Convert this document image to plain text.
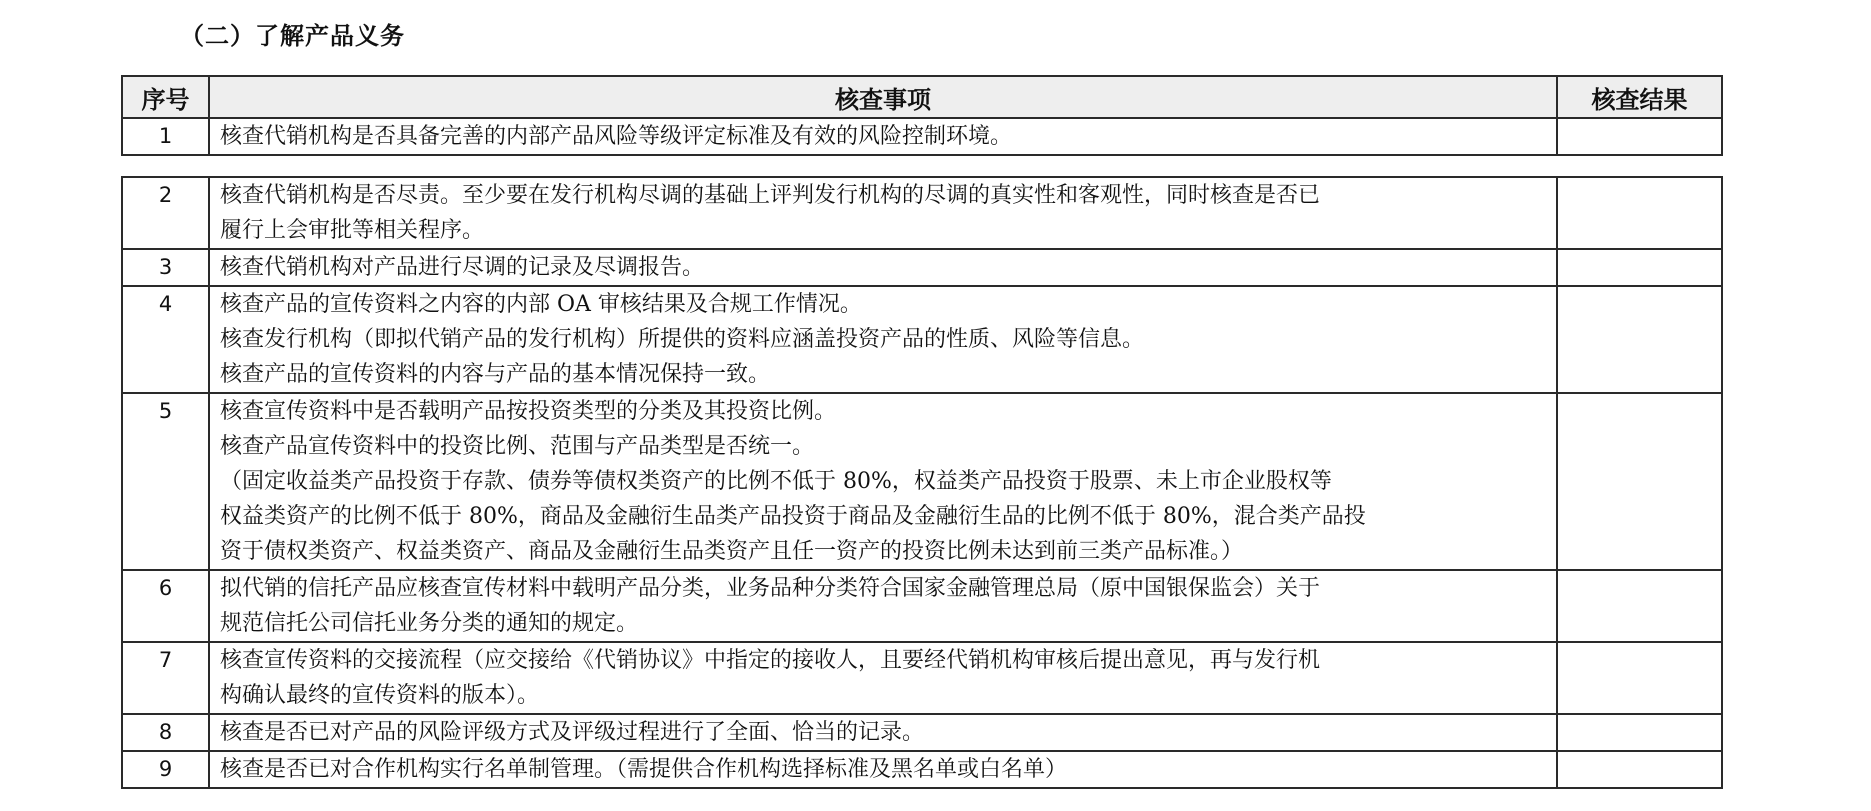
（二）了解产品义务
序号	核查事项	核查结果
1	核查代销机构是否具备完善的内部产品风险等级评定标准及有效的风险控制环境。	

2	核查代销机构是否尽责。至少要在发行机构尽调的基础上评判发行机构的尽调的真实性和客观性，同时核查是否已
履行上会审批等相关程序。	

3	核查代销机构对产品进行尽调的记录及尽调报告。	

4	核查产品的宣传资料之内容的内部 OA 审核结果及合规工作情况。
核查发行机构（即拟代销产品的发行机构）所提供的资料应涵盖投资产品的性质、风险等信息。
核查产品的宣传资料的内容与产品的基本情况保持一致。	

5	核查宣传资料中是否载明产品按投资类型的分类及其投资比例。
核查产品宣传资料中的投资比例、范围与产品类型是否统一。
（固定收益类产品投资于存款、债券等债权类资产的比例不低于 80%，权益类产品投资于股票、未上市企业股权等
权益类资产的比例不低于 80%，商品及金融衍生品类产品投资于商品及金融衍生品的比例不低于 80%，混合类产品投
资于债权类资产、权益类资产、商品及金融衍生品类资产且任一资产的投资比例未达到前三类产品标准。）	

6	拟代销的信托产品应核查宣传材料中载明产品分类，业务品种分类符合国家金融管理总局（原中国银保监会）关于
规范信托公司信托业务分类的通知的规定。	

7	核查宣传资料的交接流程（应交接给《代销协议》中指定的接收人，且要经代销机构审核后提出意见，再与发行机
构确认最终的宣传资料的版本）。	

8	核查是否已对产品的风险评级方式及评级过程进行了全面、恰当的记录。	

9	核查是否已对合作机构实行名单制管理。（需提供合作机构选择标准及黑名单或白名单）	
